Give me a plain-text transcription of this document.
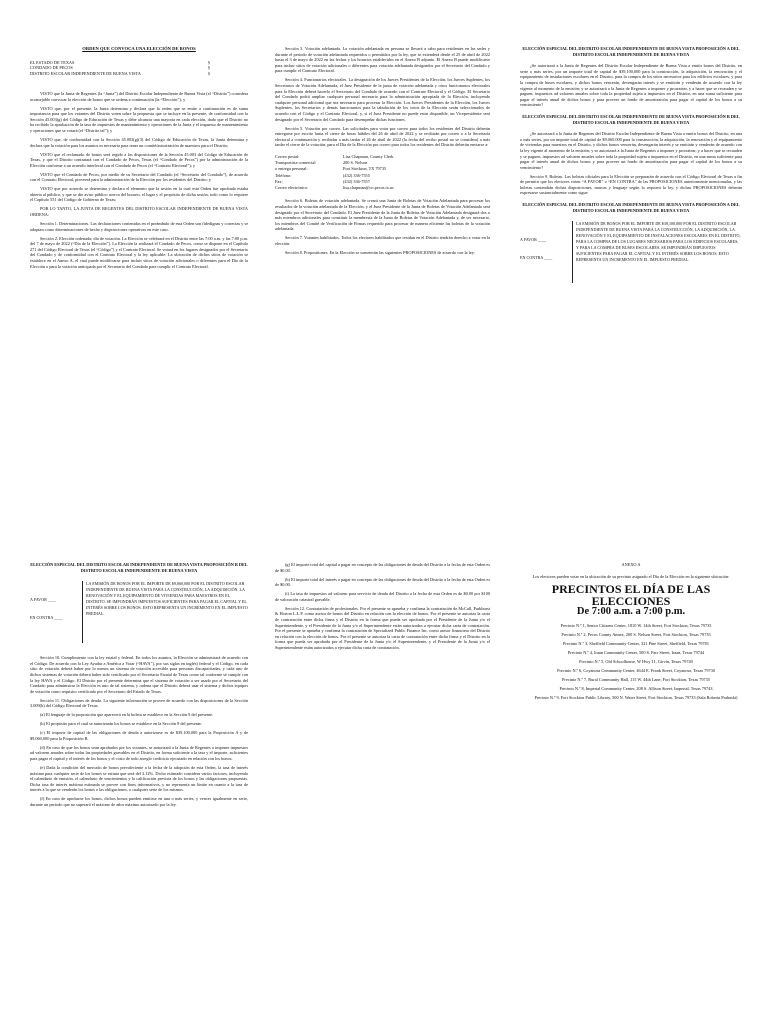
ORDEN QUE CONVOCA UNA ELECCIÓN DE BONOS
EL ESTADO DE TEXAS	§
CONDADO DE PECOS	§
DISTRITO ESCOLAR INDEPENDIENTE DE BUENA VISTA	§

VISTO que la Junta de Regentes (la “Junta”) del Distrito Escolar Independiente de Buena Vista (el “Distrito”) considera aconsejable convocar la elección de bonos que se ordena a continuación (la “Elección”); y

VISTO que, por el presente, la Junta determina y declara que la orden que se emite a continuación es de suma importancia para que los votantes del Distrito voten sobre la propuesta que se incluye en la presente, de conformidad con la Sección 45.003(g) del Código de Educación de Texas y debe alcanzar una mayoría en cada elección, dado que el Distrito no ha recibido la aprobación de la tasa de impuestos de mantenimiento y operaciones de la Junta y el impuesto de mantenimiento y operaciones que se votará (el “Distrito tal”); y

VISTO que, de conformidad con la Sección 45.003(g)(3) del Código de Educación de Texas, la Junta determina y declara que la votación para los asuntos es necesaria para tener un comité/autorización de maestros para el Distrito;

VISTO que el reclamado de bonos será regido a las disposiciones de la Sección 45.003 del Código de Educación de Texas, y que el Distrito contratará con el Condado de Pecos, Texas (el “Condado de Pecos”) por la administración de la Elección conforme a un acuerdo interlocal con el Condado de Pecos (el “Contrato Electoral”); y

VISTO que el Condado de Pecos, por medio de su Secretario del Condado (el “Secretario del Condado”), de acuerdo con el Contrato Electoral, proveerá para la administración de la Elección por los residentes del Distrito; y

VISTO que por acuerdo se determina y declara el elemento que la sesión en la cual esta Orden fue aprobada estaba abierta al público, y que se dio aviso público acerca del horario, el lugar y el propósito de dicha sesión, todo como lo requiere el Capítulo 551 del Código de Gobierno de Texas;

POR LO TANTO, LA JUNTA DE REGENTES DEL DISTRITO ESCOLAR INDEPENDIENTE DE BUENA VISTA ORDENA:

Sección 1. Determinaciones. Las declaraciones contenidas en el preámbulo de esta Orden son fidedignas y correctas y se adoptan como determinaciones de hecho y disposiciones operativas en este caso.

Sección 2. Elección ordenada; día de votación. La Elección se celebrará en el Distrito entre las 7:00 a.m. y las 7:00 p.m. del 7 de mayo de 2022 (“Día de la Elección”). La Elección la realizará el Condado de Pecos, como se dispone en el Capítulo 271 del Código Electoral de Texas (el “Código”) y el Contrato Electoral. Se votará en los lugares designados por el Secretario del Condado y de conformidad con el Contrato Electoral y la ley aplicable. La ubicación de dichos sitios de votación se establece en el Anexo A, el cual puede modificarse para incluir sitios de votación adicionales o diferentes para el Día de la Elección o para la votación anticipada por el Secretario del Condado para cumplir el Contrato Electoral.

Sección 3. Votación adelantada. La votación adelantada en persona se llevará a cabo para residentes en las sedes y durante el período de votación adelantada requeridos o permitidos por la ley, que se extenderá desde el 25 de abril de 2022 hasta el 3 de mayo de 2022 en las fechas y los horarios establecidos en el Anexo B adjunto. El Anexo B puede modificarse para incluir sitios de votación adicionales o diferentes para votación adelantada designados por el Secretario del Condado y para cumplir el Contrato Electoral.

Sección 4. Funcionarios electorales. La designación de los Jueces Presidentes de la Elección, los Jueces Suplentes, los Secretarios de Votación Adelantada, el Juez Presidente de la junta de votación adelantada y otros funcionarios electorales para la Elección deberá hacerlo el Secretario del Condado de acuerdo con el Contrato Electoral y el Código. El Secretario del Condado podrá ampliar cualquier personal necesario para la administración apropiada de la Elección, incluyendo cualquier personal adicional que sea necesario para procesar la Elección. Los Jueces Presidentes de la Elección, los Jueces Suplentes, los Secretarios y demás funcionarios para la tabulación de los votos de la Elección serán seleccionados de acuerdo con el Código y el Contrato Electoral, y, si el Juez Presidente no puede estar disponible, un Vicepresidente será designado por el Secretario del Condado para desempeñar dichas funciones.

Sección 5. Votación por correo. Las solicitudes para votar por correo para todos los residentes del Distrito deberán entregarse por escrito hasta el cierre de horas hábiles del 26 de abril de 2022 y se recibirán por correo o a la Secretaría electoral a continuación y recibidas a más tardar el 26 de abril de 2022 (la fecha del recibo postal no se considera) a más tardar el cierre de la votación, para el Día de la Elección por correo para todos los residentes del Distrito deberán enviarse a:

Correo postal:	Lisa Chapman, County Clerk
Transportista comercial	200 S. Nelson
o entrega personal:	Fort Stockton, TX 79735
Teléfono:	(432) 336-7555
Fax:	(432) 336-7557
Correo electrónico:	lisa.chapman@co.pecos.tx.us

Sección 6. Boletas de votación adelantada. Se creará una Junta de Boletas de Votación Adelantada para procesar los resultados de la votación adelantada de la Elección, y el Juez Presidente de la Junta de Boletas de Votación Adelantada será designado por el Secretario del Condado. El Juez Presidente de la Junta de Boletas de Votación Adelantada designará dos o más miembros adicionales para constituir la membresía de la Junta de Boletas de Votación Adelantada y, de ser necesario, los miembros del Comité de Verificación de Firmas requerido para procesar de manera eficiente las boletas de la votación adelantada.

Sección 7. Votantes habilitados. Todos los electores habilitados que residan en el Distrito tendrán derecho a votar en la elección.

Sección 8. Propositiones. En la Elección se someterán las siguientes PROPOSICIONES de acuerdo con la ley:

ELECCIÓN ESPECIAL DEL DISTRITO ESCOLAR INDEPENDIENTE DE BUENA VISTA PROPOSICIÓN A DEL DISTRITO ESCOLAR INDEPENDIENTE DE BUENA VISTA

¿Se autorizará a la Junta de Regentes del Distrito Escolar Independiente de Buena Vista a emitir bonos del Distrito, en serie o más series, por un importe total de capital de $39,100,000 para la construcción, la adquisición, la renovación y el equipamiento de instalaciones escolares en el Distrito, para la compra de los sitios necesarios para los edificios escolares, y para la compra de buses escolares, y dichos bonos vencerán, devengarán interés y se emitirán y venderán de acuerdo con la ley vigente al momento de la emisión; y se autorizará a la Junta de Regentes a imponer y prorratear, y a hacer que se recauden y se paguen, impuestos ad valorem anuales sobre toda la propiedad sujeta a impuestos en el Distrito, en una suma suficiente para pagar el interés anual de dichos bonos y para proveer un fondo de amortización para pagar el capital de los bonos a su vencimiento?

ELECCIÓN ESPECIAL DEL DISTRITO ESCOLAR INDEPENDIENTE DE BUENA VISTA PROPOSICIÓN B DEL DISTRITO ESCOLAR INDEPENDIENTE DE BUENA VISTA

¿Se autorizará a la Junta de Regentes del Distrito Escolar Independiente de Buena Vista a emitir bonos del Distrito, en una o más series, por un importe total de capital de $9,060,000 para la construcción, la adquisición, la renovación y el equipamiento de viviendas para maestros en el Distrito, y dichos bonos vencerán, devengarán interés y se emitirán y venderán de acuerdo con la ley vigente al momento de la emisión; y se autorizará a la Junta de Regentes a imponer y prorratear, y a hacer que se recauden y se paguen, impuestos ad valorem anuales sobre toda la propiedad sujeta a impuestos en el Distrito, en una suma suficiente para pagar el interés anual de dichos bonos y para proveer un fondo de amortización para pagar el capital de los bonos a su vencimiento?

Sección 9. Boletas. Las boletas oficiales para la Elección se prepararán de acuerdo con el Código Electoral de Texas a fin de permitir que los electores voten “A FAVOR” o “EN CONTRA” de las PROPOSICIONES anteriormente mencionadas, y las boletas contendrán dichas disposiciones, marcas y lenguaje según lo requiera la ley, y dichas PROPOSICIONES deberán expresarse sustancialmente como sigue:

ELECCIÓN ESPECIAL DEL DISTRITO ESCOLAR INDEPENDIENTE DE BUENA VISTA PROPOSICIÓN A DEL DISTRITO ESCOLAR INDEPENDIENTE DE BUENA VISTA
A FAVOR ____
EN CONTRA ____
LA EMISIÓN DE BONOS POR EL IMPORTE DE $39,100,000 POR EL DISTRITO ESCOLAR INDEPENDIENTE DE BUENA VISTA PARA LA CONSTRUCCIÓN, LA ADQUISICIÓN, LA RENOVACIÓN Y EL EQUIPAMIENTO DE INSTALACIONES ESCOLARES EN EL DISTRITO, PARA LA COMPRA DE LOS LUGARES NECESARIOS PARA LOS EDIFICIOS ESCOLARES, Y PARA LA COMPRA DE BUSES ESCOLARES. SE IMPONDRÁN IMPUESTOS SUFICIENTES PARA PAGAR EL CAPITAL Y EL INTERÉS SOBRE LOS BONOS. ESTO REPRESENTA UN INCREMENTO EN EL IMPUESTO PREDIAL.
ELECCIÓN ESPECIAL DEL DISTRITO ESCOLAR INDEPENDIENTE DE BUENA VISTA PROPOSICIÓN B DEL DISTRITO ESCOLAR INDEPENDIENTE DE BUENA VISTA
A FAVOR ____
EN CONTRA ____
LA EMISIÓN DE BONOS POR EL IMPORTE DE $9,060,000 POR EL DISTRITO ESCOLAR INDEPENDIENTE DE BUENA VISTA PARA LA CONSTRUCCIÓN, LA ADQUISICIÓN, LA RENOVACIÓN Y EL EQUIPAMIENTO DE VIVIENDAS PARA MAESTROS EN EL DISTRITO. SE IMPONDRÁN IMPUESTOS SUFICIENTES PARA PAGAR EL CAPITAL Y EL INTERÉS SOBRE LOS BONOS. ESTO REPRESENTA UN INCREMENTO EN EL IMPUESTO PREDIAL.

Sección 10. Cumplimiento con la ley estatal y federal. En todos los asuntos, la Elección se administrará de acuerdo con el Código. De acuerdo con la Ley Ayudar a América a Votar (“HAVA”), por sus siglas en inglés) federal y el Código, en cada sitio de votación deberá haber por lo menos un sistema de votación accesible para personas discapacitadas, y cada uno de dichos sistemas de votación deberá haber sido certificado por el Secretario Estatal de Texas como tal conforme se cumple con la ley HAVA y el Código. El Distrito por el presente determina que el sistema de votación a ser usado por el Secretario del Condado para administrar la Elección es uno de tal sistema, y ordena que el Distrito deberá usar el sistema y dichos equipos de votación como requisito certificado por el Secretario del Estado de Texas.

Sección 11. Obligaciones de deuda. La siguiente información se provee de acuerdo con las disposiciones de la Sección 3.009(b) del Código Electoral de Texas.

(a) El lenguaje de la proposición que aparecerá en la boleta se establece en la Sección 9 del presente.

(b) El propósito para el cual se autorizarán los bonos se establece en la Sección 8 del presente.

(c) El importe de capital de las obligaciones de deuda a autorizarse es de $39,100,000 para la Proposición A y de $9,060,000 para la Proposición B.

(d) En caso de que los bonos sean aprobados por los votantes, se autorizará a la Junta de Regentes a imponer impuestos ad valorem anuales sobre todas las propiedades gravables en el Distrito, en forma suficiente a la tasa y el importe, suficientes para pagar el capital y el interés de los bonos y el costo de todo arreglo crediticio ejecutado en relación con los bonos.

(e) Dada la condición del mercado de bonos prevaleciente a la fecha de la adopción de esta Orden, la tasa de interés máxima para cualquier serie de los bonos se estima que será del 3.12%. Dicho estimado considera varios factores, incluyendo el calendario de emisión, el calendario de vencimientos y la calificación prevista de los bonos y las obligaciones propuestas. Dicha tasa de interés máxima estimada se provee con fines informativos, y no representa un límite en cuanto a la tasa de interés a la que se venderán los bonos o las obligaciones, o cualquier serie de los mismos.

(f) En caso de aprobarse los bonos, dichos bonos pueden emitirse en una o más series, y vencer igualmente en serie, durante un período que no superará el máximo de años máximo autorizado por la ley.

(g) El importe total del capital a pagar en concepto de las obligaciones de deuda del Distrito a la fecha de esta Orden es de $0.00.

(h) El importe total del interés a pagar en concepto de las obligaciones de deuda del Distrito a la fecha de esta Orden es de $0.00.

(i) La tasa de impuestos ad valorem para servicio de deuda del Distrito a la fecha de esta Orden es de $0.00 por $100 de valoración catastral gravable.

Sección 12. Contratación de profesionales. Por el presente se aprueba y confirma la contratación de McCall, Parkhurst & Horton L.L.P. como asesor de bonos del Distrito en relación con la elección de bonos. Por el presente se autoriza la carta de contratación entre dicha firma y el Distrito en la forma que pueda ser aprobada por el Presidente de la Junta y/o el Superintendente, y el Presidente de la Junta y/o el Superintendente están autorizados a ejecutar dicha carta de contratación. Por el presente se aprueba y confirma la contratación de Specialized Public Finance Inc. como asesor financiero del Distrito en relación con la elección de bonos. Por el presente se autoriza la carta de contratación entre dicha firma y el Distrito en la forma que pueda ser aprobada por el Presidente de la Junta y/o el Superintendente, y el Presidente de la Junta y/o el Superintendente están autorizados a ejecutar dicha carta de contratación.

ANEXO A

Los electores pueden votar en la ubicación de su precinto asignado el Día de la Elección en la siguiente ubicación:

PRECINTOS EL DÍA DE LAS ELECCIONES
De 7:00 a.m. a 7:00 p.m.

Precinto N.º 1, Senior Citizens Center, 1810 W. 14th Street, Fort Stockton, Texas 79735

Precinto N.º 2, Pecos County Annex, 200 S. Nelson Street, Fort Stockton, Texas 79735

Precinto N.º 3, Sheffield Community Center, 321 Pine Street, Sheffield, Texas 79781

Precinto N.º 4, Iraan Community Center, 500 S. Farr Street, Iraan, Texas 79744

Precinto N.º 5, Old Schoolhouse, W Hwy 11, Girvin, Texas 79740

Precinto N.º 6, Coyanosa Community Center, 4644 E. Frank Street, Coyanosa, Texas 79730

Precinto N.º 7, Rural Community Hall, 115 W. 44th Lane, Fort Stockton, Texas 79735

Precinto N.º 8, Imperial Community Center, 208 S. Allison Street, Imperial, Texas 79743

Precinto N.º 9, Fort Stockton Public Library, 500 N. Water Street, Fort Stockton, Texas 79735 (Sala Roberta Prahaski)
